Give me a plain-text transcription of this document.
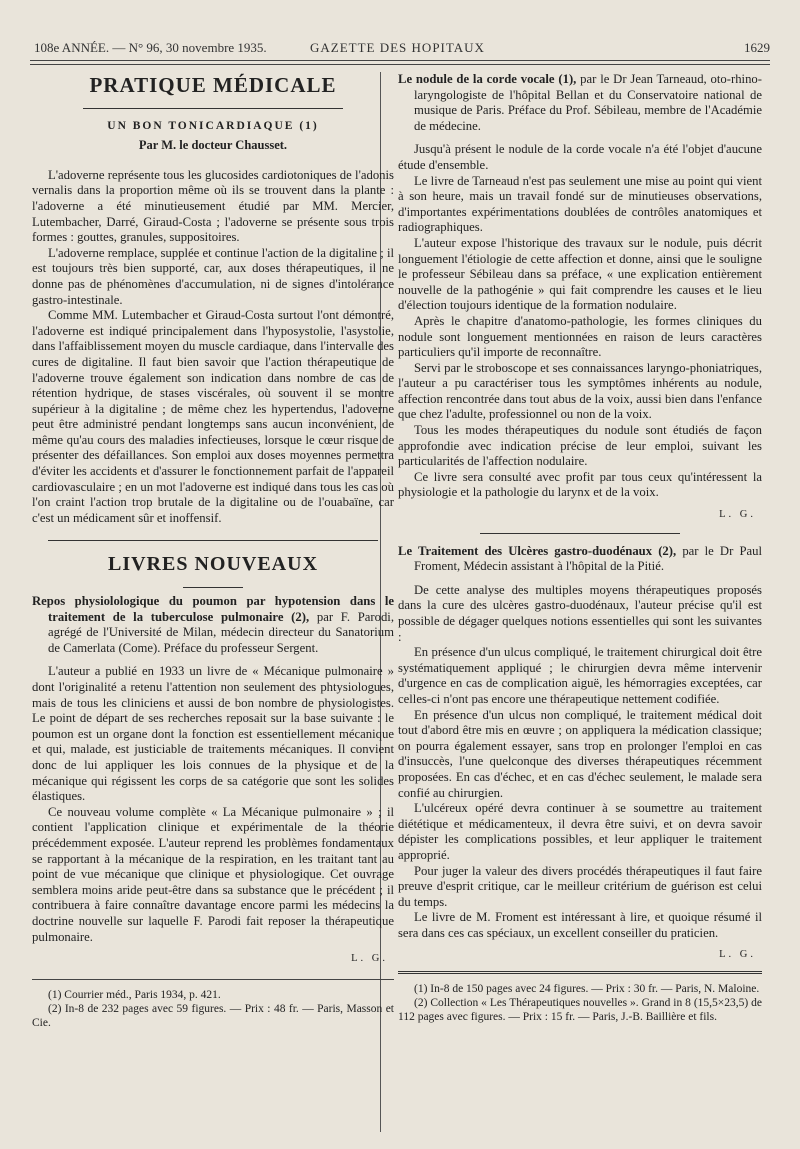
108e ANNÉE. — N° 96, 30 novembre 1935.	GAZETTE DES HOPITAUX	1629
PRATIQUE MÉDICALE
UN BON TONICARDIAQUE (1)
Par M. le docteur Chausset.

L'adoverne représente tous les glucosides cardiotoniques de l'adonis vernalis dans la proportion même où ils se trouvent dans la plante : l'adoverne a été minutieusement étudié par MM. Mercier, Lutembacher, Darré, Giraud-Costa ; l'adoverne se présente sous trois formes : gouttes, granules, suppositoires.

L'adoverne remplace, supplée et continue l'action de la digitaline ; il est toujours très bien supporté, car, aux doses thérapeutiques, il ne donne pas de phénomènes d'accumulation, ni de signes d'intolérance gastro-intestinale.

Comme MM. Lutembacher et Giraud-Costa surtout l'ont démontré, l'adoverne est indiqué principalement dans l'hyposystolie, l'asystolie, dans l'affaiblissement moyen du muscle cardiaque, dans l'intervalle des cures de digitaline. Il faut bien savoir que l'action thérapeutique de l'adoverne trouve également son indication dans nombre de cas de rétention hydrique, de stases viscérales, où souvent il se montre supérieur à la digitaline ; de même chez les hypertendus, l'adoverne peut être administré pendant longtemps sans aucun inconvénient, de même qu'au cours des maladies infectieuses, lorsque le cœur risque de présenter des défaillances. Son emploi aux doses moyennes permettra d'éviter les accidents et d'assurer le fonctionnement parfait de l'appareil cardiovasculaire ; en un mot l'adoverne est indiqué dans tous les cas où l'on craint l'action trop brutale de la digitaline ou de l'ouabaïne, car c'est un médicament sûr et inoffensif.

LIVRES NOUVEAUX

Repos physiolologique du poumon par hypotension dans le traitement de la tuberculose pulmonaire (2), par F. Parodi, agrégé de l'Université de Milan, médecin directeur du Sanatorium de Camerlata (Come). Préface du professeur Sergent.

L'auteur a publié en 1933 un livre de « Mécanique pulmonaire » dont l'originalité a retenu l'attention non seulement des phtysiologues, mais de tous les cliniciens et aussi de bon nombre de physiologistes. Le point de départ de ses recherches reposait sur la base suivante : le poumon est un organe dont la fonction est essentiellement mécanique et qui, malade, est justiciable de traitements mécaniques. Il convient donc de lui appliquer les lois connues de la physique et de la mécanique qui régissent les corps de sa catégorie que sont les solides élastiques.

Ce nouveau volume complète « La Mécanique pulmonaire » ; il contient l'application clinique et expérimentale de la théorie précédemment exposée. L'auteur reprend les problèmes fondamentaux se rapportant à la mécanique de la respiration, en les traitant tant au point de vue mécanique que clinique et physiologique. Cet ouvrage semblera moins aride peut-être dans sa substance que le précédent ; il contribuera à faire connaître davantage encore parmi les médecins la doctrine nouvelle sur laquelle F. Parodi fait reposer la thérapeutique pulmonaire.

L. G.

(1) Courrier méd., Paris 1934, p. 421.

(2) In-8 de 232 pages avec 59 figures. — Prix : 48 fr. — Paris, Masson et Cie.

Le nodule de la corde vocale (1), par le Dr Jean Tarneaud, oto-rhino-laryngologiste de l'hôpital Bellan et du Conservatoire national de musique de Paris. Préface du Prof. Sébileau, membre de l'Académie de médecine.

Jusqu'à présent le nodule de la corde vocale n'a été l'objet d'aucune étude d'ensemble.

Le livre de Tarneaud n'est pas seulement une mise au point qui vient à son heure, mais un travail fondé sur de minutieuses observations, d'importantes expérimentations doublées de contrôles anatomiques et radiographiques.

L'auteur expose l'historique des travaux sur le nodule, puis décrit longuement l'étiologie de cette affection et donne, ainsi que le souligne le professeur Sébileau dans sa préface, « une explication entièrement nouvelle de la pathogénie » qui fait comprendre les causes et le lieu d'élection toujours identique de la formation nodulaire.

Après le chapitre d'anatomo-pathologie, les formes cliniques du nodule sont longuement mentionnées en raison de leurs caractères particuliers qu'il importe de reconnaître.

Servi par le stroboscope et ses connaissances laryngo-phoniatriques, l'auteur a pu caractériser tous les symptômes inhérents au nodule, affection rencontrée dans tout abus de la voix, aussi bien dans l'enfance que chez l'adulte, professionnel ou non de la voix.

Tous les modes thérapeutiques du nodule sont étudiés de façon approfondie avec indication précise de leur emploi, suivant les particularités de l'affection nodulaire.

Ce livre sera consulté avec profit par tous ceux qu'intéressent la physiologie et la pathologie du larynx et de la voix.

L. G.

Le Traitement des Ulcères gastro-duodénaux (2), par le Dr Paul Froment, Médecin assistant à l'hôpital de la Pitié.

De cette analyse des multiples moyens thérapeutiques proposés dans la cure des ulcères gastro-duodénaux, l'auteur précise qu'il est possible de dégager quelques notions essentielles qui sont les suivantes :

En présence d'un ulcus compliqué, le traitement chirurgical doit être systématiquement appliqué ; le chirurgien devra même intervenir d'urgence en cas de complication aiguë, les hémorragies exceptées, car celles-ci n'ont pas encore une thérapeutique nettement codifiée.

En présence d'un ulcus non compliqué, le traitement médical doit tout d'abord être mis en œuvre ; on appliquera la médication classique; on pourra également essayer, sans trop en prolonger l'emploi en cas d'insuccès, l'une quelconque des diverses thérapeutiques récemment proposées. En cas d'échec, et en cas d'échec seulement, le malade sera confié au chirurgien.

L'ulcéreux opéré devra continuer à se soumettre au traitement diététique et médicamenteux, il devra être suivi, et on devra savoir dépister les complications possibles, et leur appliquer le traitement approprié.

Pour juger la valeur des divers procédés thérapeutiques il faut faire preuve d'esprit critique, car le meilleur critérium de guérison est celui du temps.

Le livre de M. Froment est intéressant à lire, et quoique résumé il sera dans ces cas spéciaux, un excellent conseiller du praticien.

L. G.

(1) In-8 de 150 pages avec 24 figures. — Prix : 30 fr. — Paris, N. Maloine.

(2) Collection « Les Thérapeutiques nouvelles ». Grand in 8 (15,5×23,5) de 112 pages avec figures. — Prix : 15 fr. — Paris, J.-B. Baillière et fils.
